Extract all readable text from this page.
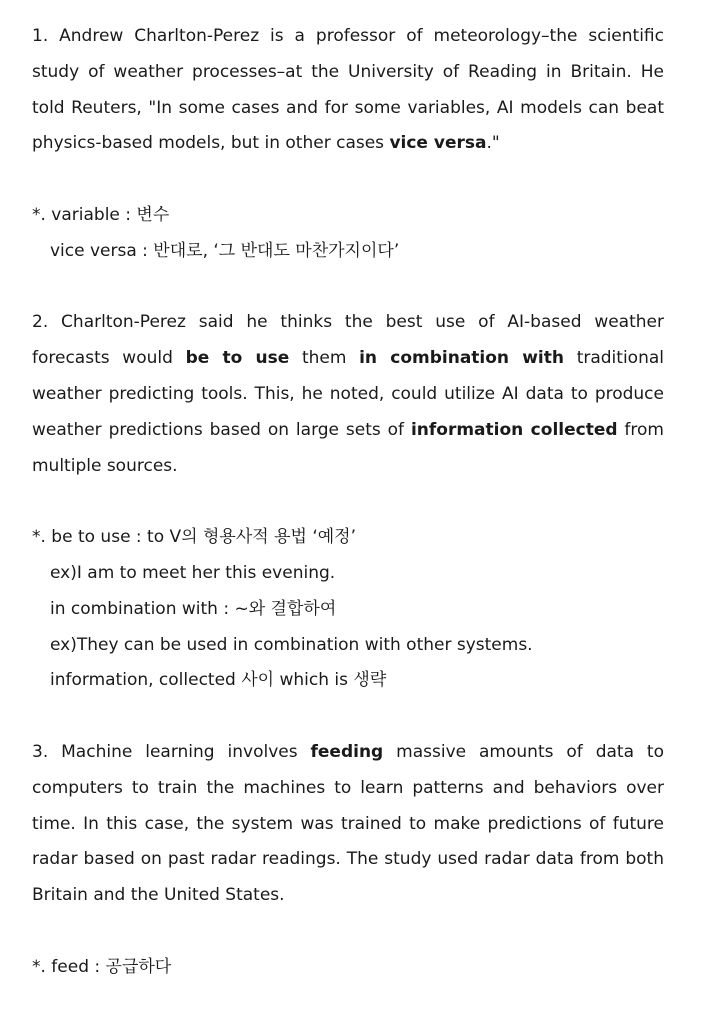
1. Andrew Charlton-Perez is a professor of meteorology–the scientific study of weather processes–at the University of Reading in Britain. He told Reuters, "In some cases and for some variables, AI models can beat physics-based models, but in other cases vice versa."

*. variable : 변수
vice versa : 반대로, ‘그 반대도 마찬가지이다’

2. Charlton-Perez said he thinks the best use of AI-based weather forecasts would be to use them in combination with traditional weather predicting tools. This, he noted, could utilize AI data to produce weather predictions based on large sets of information collected from multiple sources.

*. be to use : to V의 형용사적 용법 ‘예정’
ex)I am to meet her this evening.
in combination with : ~와 결합하여
ex)They can be used in combination with other systems.
information, collected 사이 which is 생략

3. Machine learning involves feeding massive amounts of data to computers to train the machines to learn patterns and behaviors over time. In this case, the system was trained to make predictions of future radar based on past radar readings. The study used radar data from both Britain and the United States.

*. feed : 공급하다
